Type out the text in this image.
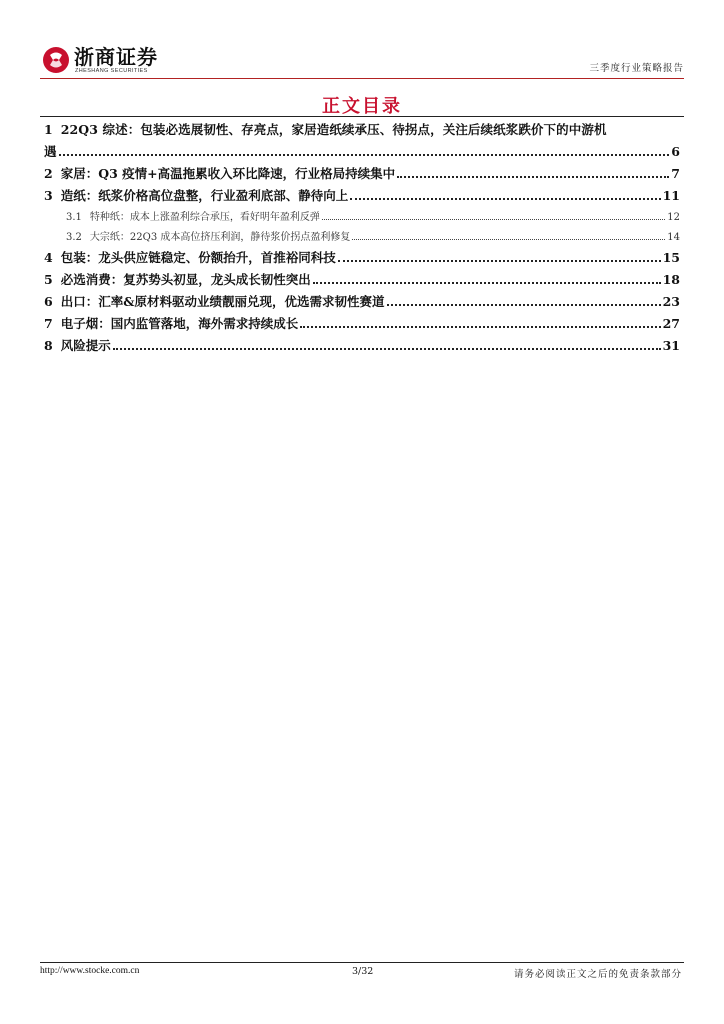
浙商证券
ZHESHANG SECURITIES	三季度行业策略报告
正文目录
1 22Q3 综述：包装必选展韧性、存亮点，家居造纸续承压、待拐点，关注后续纸浆跌价下的中游机
遇	6
2 家居：Q3 疫情+高温拖累收入环比降速，行业格局持续集中	7
3 造纸：纸浆价格高位盘整，行业盈利底部、静待向上	11
3.1 特种纸：成本上涨盈利综合承压，看好明年盈利反弹	12
3.2 大宗纸：22Q3 成本高位挤压利润，静待浆价拐点盈利修复	14
4 包装：龙头供应链稳定、份额抬升，首推裕同科技	15
5 必选消费：复苏势头初显，龙头成长韧性突出	18
6 出口：汇率&原材料驱动业绩靓丽兑现，优选需求韧性赛道	23
7 电子烟：国内监管落地，海外需求持续成长	27
8 风险提示	31
http://www.stocke.com.cn	3/32	请务必阅读正文之后的免责条款部分
